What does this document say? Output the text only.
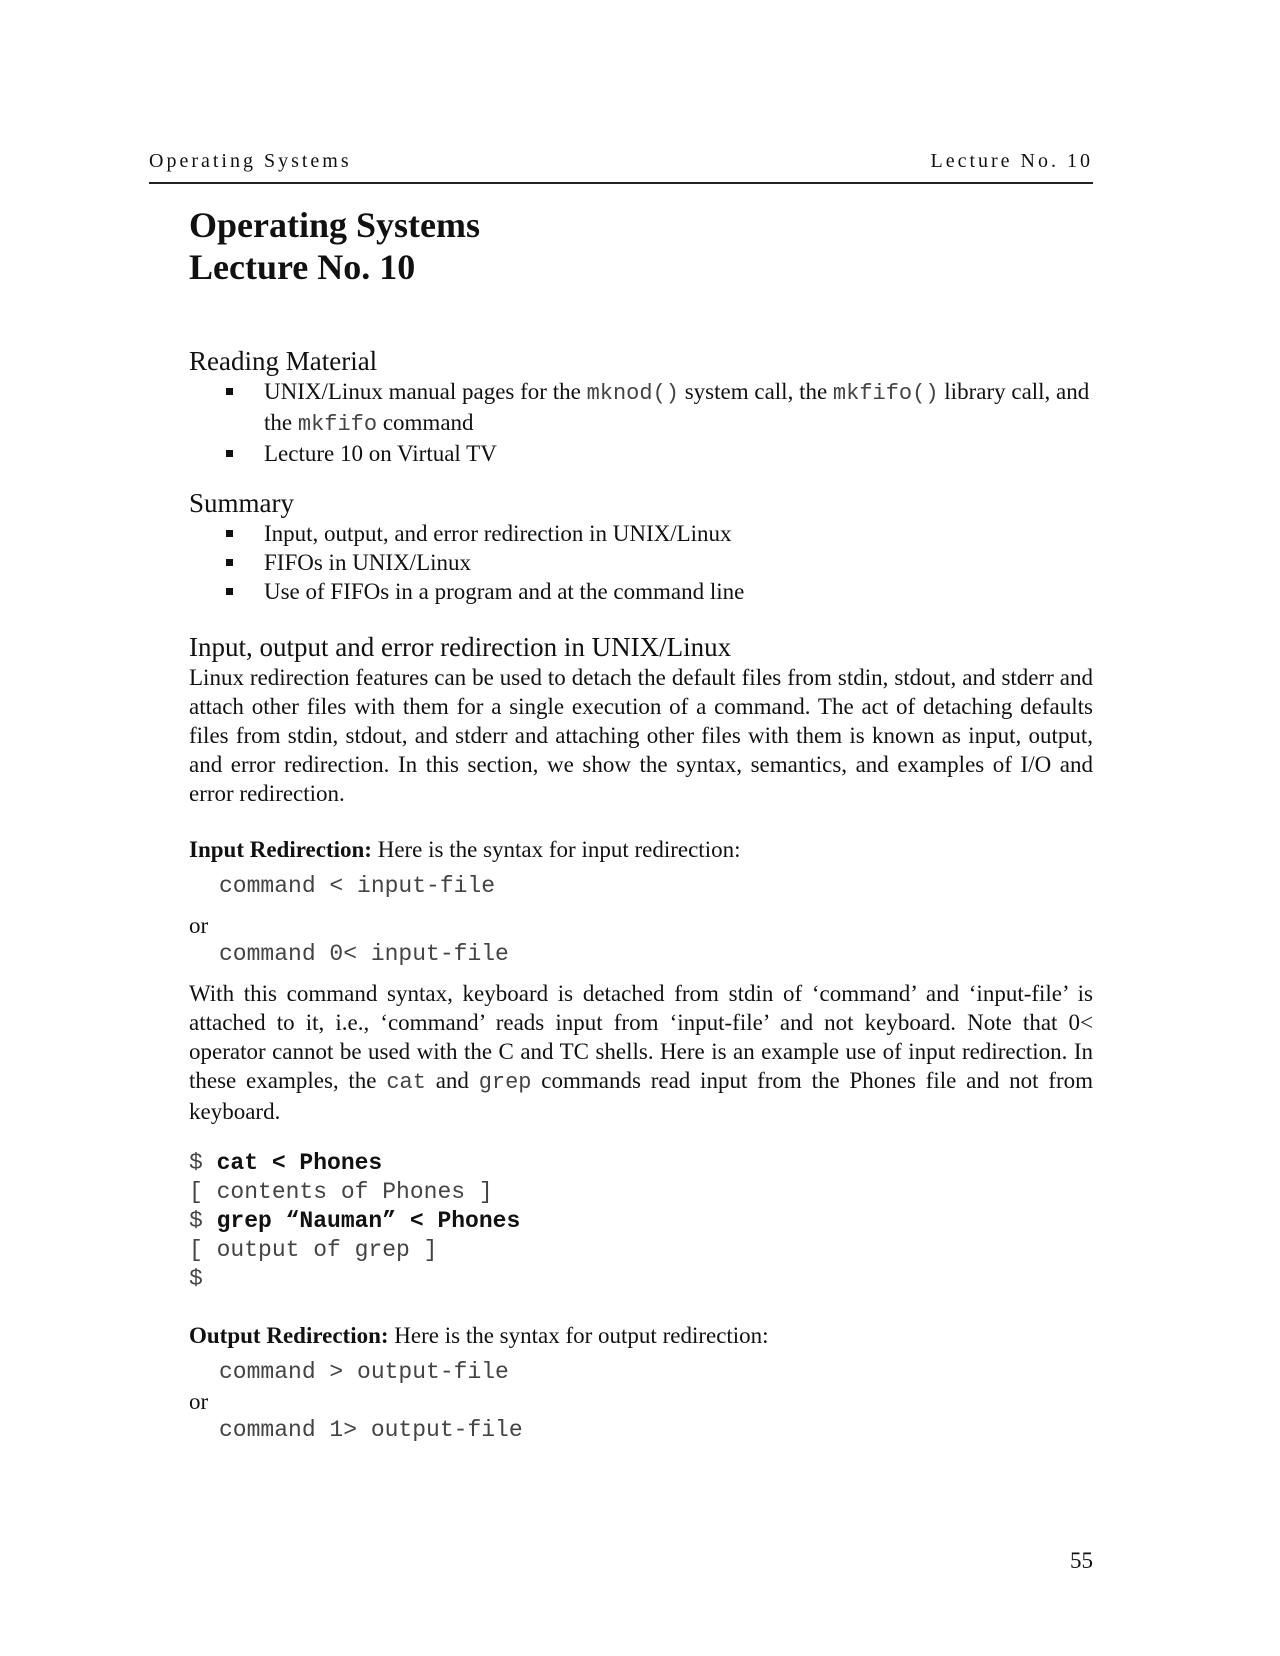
Operating Systems	Lecture No. 10
Operating Systems
Lecture No. 10
Reading Material
UNIX/Linux manual pages for the mknod() system call, the mkfifo() library call, and the mkfifo command
Lecture 10 on Virtual TV
Summary
Input, output, and error redirection in UNIX/Linux
FIFOs in UNIX/Linux
Use of FIFOs in a program and at the command line
Input, output and error redirection in UNIX/Linux

Linux redirection features can be used to detach the default files from stdin, stdout, and stderr and attach other files with them for a single execution of a command. The act of detaching defaults files from stdin, stdout, and stderr and attaching other files with them is known as input, output, and error redirection. In this section, we show the syntax, semantics, and examples of I/O and error redirection.

Input Redirection: Here is the syntax for input redirection:

command < input-file
or
command 0< input-file

With this command syntax, keyboard is detached from stdin of ‘command’ and ‘input-file’ is attached to it, i.e., ‘command’ reads input from ‘input-file’ and not keyboard. Note that 0< operator cannot be used with the C and TC shells. Here is an example use of input redirection. In these examples, the cat and grep commands read input from the Phones file and not from keyboard.

$ cat < Phones
[ contents of Phones ]
$ grep “Nauman” < Phones
[ output of grep ]
$

Output Redirection: Here is the syntax for output redirection:

command > output-file
or
command 1> output-file
55
